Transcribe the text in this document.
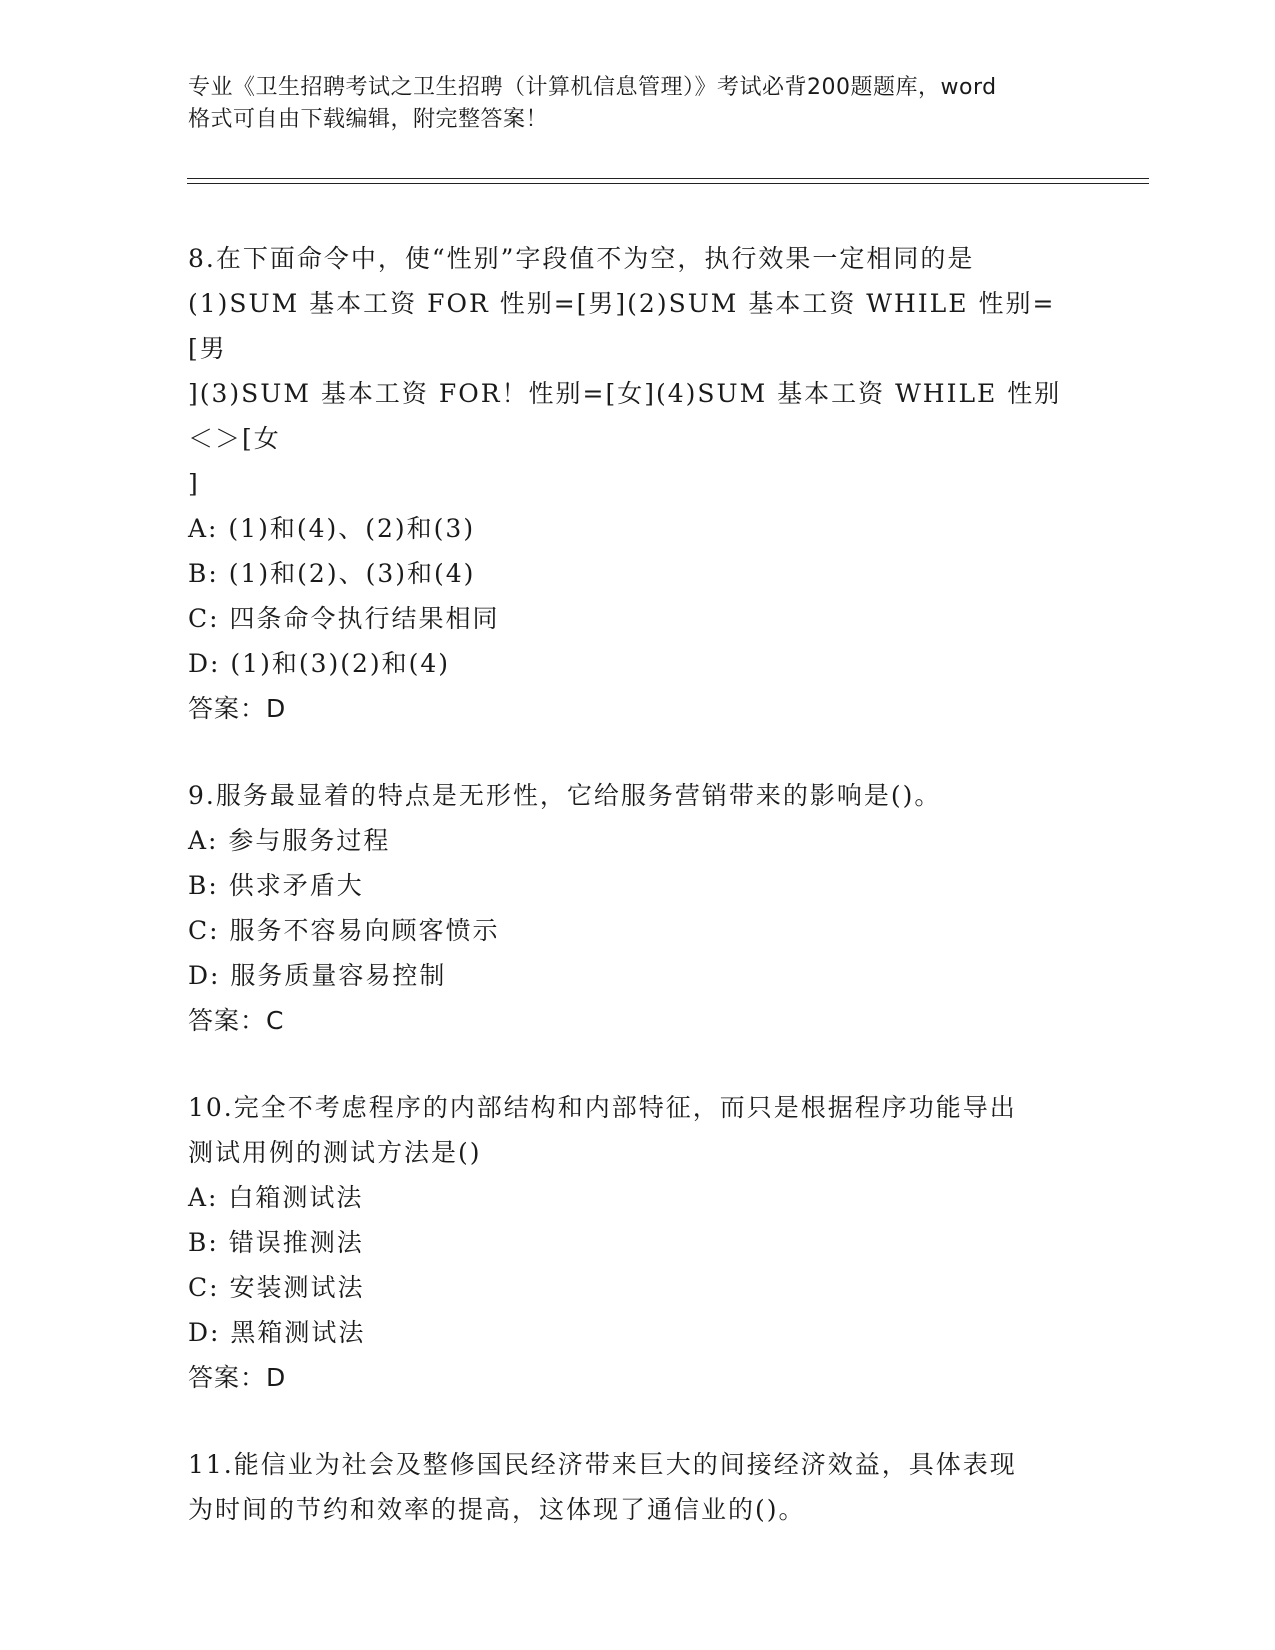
专业《卫生招聘考试之卫生招聘（计算机信息管理）》考试必背200题题库，word
格式可自由下载编辑，附完整答案！

8.在下面命令中，使“性别”字段值不为空，执行效果一定相同的是

(1)SUM 基本工资 FOR 性别=[男](2)SUM 基本工资 WHILE 性别=[男

](3)SUM 基本工资 FOR！性别=[女](4)SUM 基本工资 WHILE 性别＜＞[女

]

A: (1)和(4)、(2)和(3)

B: (1)和(2)、(3)和(4)

C: 四条命令执行结果相同

D: (1)和(3)(2)和(4)

答案：D

9.服务最显着的特点是无形性，它给服务营销带来的影响是()。

A: 参与服务过程

B: 供求矛盾大

C: 服务不容易向顾客愤示

D: 服务质量容易控制

答案：C

10.完全不考虑程序的内部结构和内部特征，而只是根据程序功能导出

测试用例的测试方法是()

A: 白箱测试法

B: 错误推测法

C: 安装测试法

D: 黑箱测试法

答案：D

11.能信业为社会及整修国民经济带来巨大的间接经济效益，具体表现

为时间的节约和效率的提高，这体现了通信业的()。
